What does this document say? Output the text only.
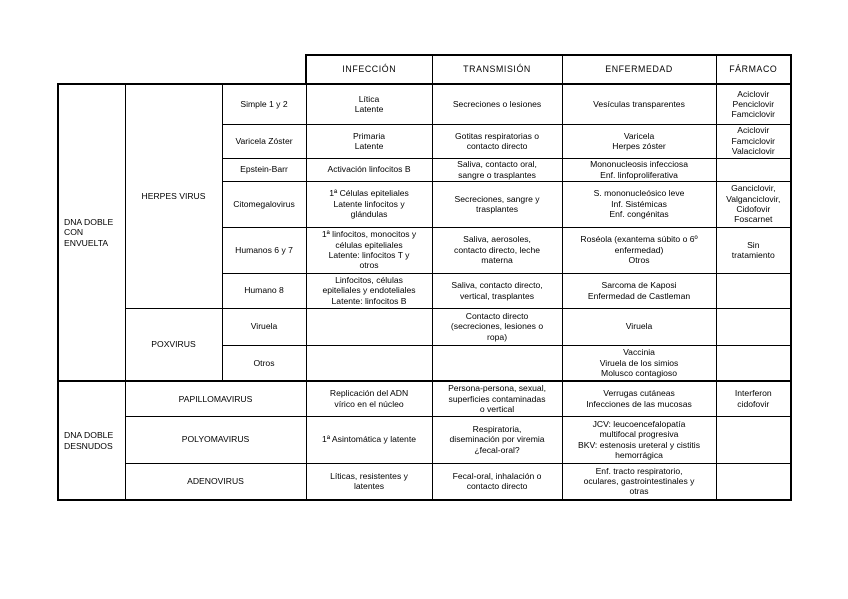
			INFECCIÓN	TRANSMISIÓN	ENFERMEDAD	FÁRMACO

DNA DOBLE
CON
ENVUELTA	HERPES VIRUS	Simple 1 y 2	Lítica
Latente	Secreciones o lesiones	Vesículas transparentes	Aciclovir
Penciclovir
Famciclovir

		Varicela Zóster	Primaria
Latente	Gotitas respiratorias o
contacto directo	Varicela
Herpes zóster	Aciclovir
Famciclovir
Valaciclovir

		Epstein-Barr	Activación linfocitos B	Saliva, contacto oral,
sangre o trasplantes	Mononucleosis infecciosa
Enf. linfoproliferativa	

		Citomegalovirus	1ª Células epiteliales
Latente linfocitos y
glándulas	Secreciones, sangre y
trasplantes	S. mononucleósico leve
Inf. Sistémicas
Enf. congénitas	Ganciclovir,
Valganciclovir,
Cidofovir
Foscarnet

		Humanos 6 y 7	1ª linfocitos, monocitos y
células epiteliales
Latente: linfocitos T y
otros	Saliva, aerosoles,
contacto directo, leche
materna	Roséola (exantema súbito o 6º
enfermedad)
Otros	Sin
tratamiento

		Humano 8	Linfocitos, células
epiteliales y endoteliales
Latente: linfocitos B	Saliva, contacto directo,
vertical, trasplantes	Sarcoma de Kaposi
Enfermedad de Castleman	

	POXVIRUS	Viruela		Contacto directo
(secreciones, lesiones o
ropa)	Viruela	

		Otros			Vaccinia
Viruela de los simios
Molusco contagioso	

DNA DOBLE
DESNUDOS	PAPILLOMAVIRUS		Replicación del ADN
vírico en el núcleo	Persona-persona, sexual,
superficies contaminadas
o vertical	Verrugas cutáneas
Infecciones de las mucosas	Interferon
cidofovir

	POLYOMAVIRUS		1ª Asintomática y latente	Respiratoria,
diseminación por viremia
¿fecal-oral?	JCV: leucoencefalopatía
multifocal progresiva
BKV: estenosis ureteral y cistitis
hemorrágica	

	ADENOVIRUS		Líticas, resistentes y
latentes	Fecal-oral, inhalación o
contacto directo	Enf. tracto respiratorio,
oculares, gastrointestinales y
otras	
